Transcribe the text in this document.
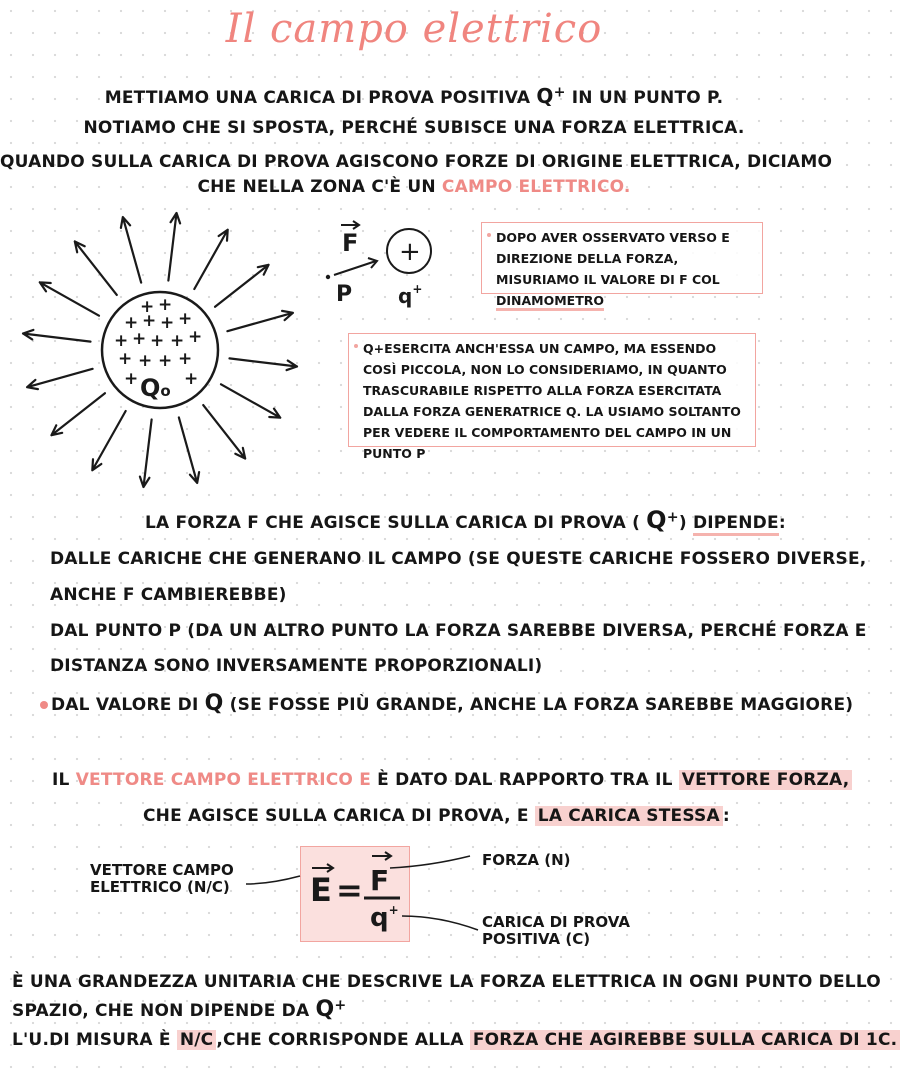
Il campo elettrico
METTIAMO UNA CARICA DI PROVA POSITIVA Q+ IN UN PUNTO P.
NOTIAMO CHE SI SPOSTA, PERCHÉ SUBISCE UNA FORZA ELETTRICA.
QUANDO SULLA CARICA DI PROVA AGISCONO FORZE DI ORIGINE ELETTRICA, DICIAMO
CHE NELLA ZONA C'È UN CAMPO ELETTRICO.
+ +
+ + + +
+ + + + +
+ + + +
+	+
Qo
F
P
+
q+
DOPO AVER OSSERVATO VERSO E DIREZIONE DELLA FORZA, MISURIAMO IL VALORE DI F COL DINAMOMETRO
Q+ESERCITA ANCH'ESSA UN CAMPO, MA ESSENDO COSÌ PICCOLA, NON LO CONSIDERIAMO, IN QUANTO TRASCURABILE RISPETTO ALLA FORZA ESERCITATA DALLA FORZA GENERATRICE Q. LA USIAMO SOLTANTO PER VEDERE IL COMPORTAMENTO DEL CAMPO IN UN PUNTO P
LA FORZA F CHE AGISCE SULLA CARICA DI PROVA ( Q+) DIPENDE:
DALLE CARICHE CHE GENERANO IL CAMPO (SE QUESTE CARICHE FOSSERO DIVERSE,
ANCHE F CAMBIEREBBE)
DAL PUNTO P (DA UN ALTRO PUNTO LA FORZA SAREBBE DIVERSA, PERCHÉ FORZA E
DISTANZA SONO INVERSAMENTE PROPORZIONALI)
DAL VALORE DI Q (SE FOSSE PIÙ GRANDE, ANCHE LA FORZA SAREBBE MAGGIORE)
IL VETTORE CAMPO ELETTRICO E È DATO DAL RAPPORTO TRA IL VETTORE FORZA,
CHE AGISCE SULLA CARICA DI PROVA, E LA CARICA STESSA :
E = F
q+
VETTORE CAMPO
ELETTRICO (N/C)
FORZA (N)
CARICA DI PROVA
POSITIVA (C)
È UNA GRANDEZZA UNITARIA CHE DESCRIVE LA FORZA ELETTRICA IN OGNI PUNTO DELLO
SPAZIO, CHE NON DIPENDE DA Q+
L'U.DI MISURA È N/C ,CHE CORRISPONDE ALLA FORZA CHE AGIREBBE SULLA CARICA DI 1C.
